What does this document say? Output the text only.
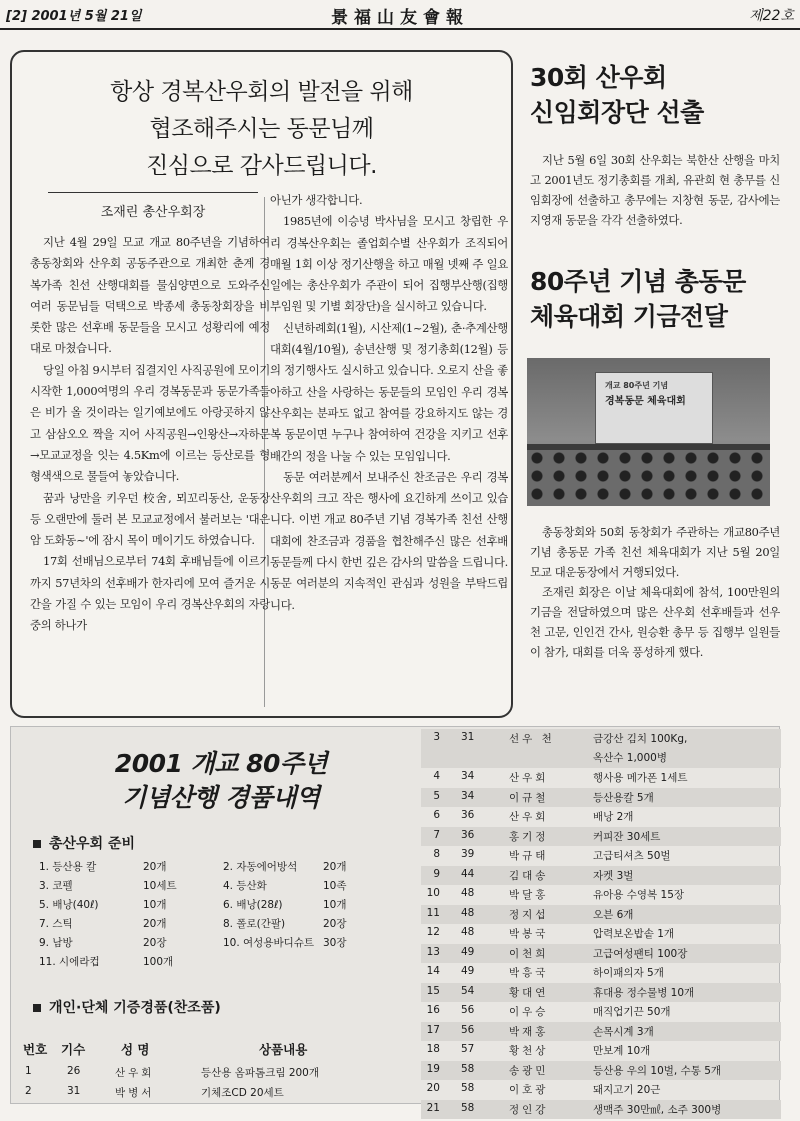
[2] 2001년 5월 21일	景福山友會報	제22호
항상 경복산우회의 발전을 위해
협조해주시는 동문님께
진심으로 감사드립니다.
조재린 총산우회장

지난 4월 29일 모교 개교 80주년을 기념하여 총동창회와 산우회 공동주관으로 개최한 춘계 경복가족 친선 산행대회를 물심양면으로 도와주신 여러 동문님들 덕택으로 박종세 총동창회장을 비롯한 많은 선후배 동문들을 모시고 성황리에 예정대로 마쳤습니다.

당일 아침 9시부터 집결지인 사직공원에 모이기 시작한 1,000여명의 우리 경복동문과 동문가족들은 비가 올 것이라는 일기예보에도 아랑곳하지 않고 삼삼오오 짝을 지어 사직공원→인왕산→자하문→모교교정을 잇는 4.5Km에 이르는 등산로를 형형색색으로 물들여 놓았습니다.

꿈과 낭만을 키우던 校舍, 뫼꼬리동산, 운동장 등 오랜만에 둘러 본 모교교정에서 불러보는 '대은암 도화동~'에 잠시 목이 메이기도 하였습니다.

17회 선배님으로부터 74회 후배님들에 이르기까지 57년차의 선후배가 한자리에 모여 즐거운 시간을 가질 수 있는 모임이 우리 경복산우회의 자랑중의 하나가

아닌가 생각합니다.

1985년에 이승녕 박사님을 모시고 창립한 우리 경복산우회는 졸업회수별 산우회가 조직되어 매월 1회 이상 정기산행을 하고 매월 넷째 주 일요일에는 총산우회가 주관이 되어 집행부산행(집행부임원 및 기별 회장단)을 실시하고 있습니다.

신년하례회(1월), 시산제(1~2월), 춘·추계산행대회(4월/10월), 송년산행 및 정기총회(12월) 등의 정기행사도 실시하고 있습니다. 오로지 산을 좋아하고 산을 사랑하는 동문들의 모임인 우리 경복산우회는 분파도 없고 참여를 강요하지도 않는 경복 동문이면 누구나 참여하여 건강을 지키고 선후배간의 정을 나눌 수 있는 모임입니다.

동문 여러분께서 보내주신 찬조금은 우리 경복산우회의 크고 작은 행사에 요긴하게 쓰이고 있습니다. 이번 개교 80주년 기념 경복가족 친선 산행대회에 찬조금과 경품을 협찬해주신 많은 선후배 동문들께 다시 한번 깊은 감사의 말씀을 드립니다. 동문 여러분의 지속적인 관심과 성원을 부탁드립니다.

30회 산우회
신임회장단 선출

지난 5월 6일 30회 산우회는 북한산 산행을 마치고 2001년도 정기총회를 개최, 유관희 현 총무를 신임회장에 선출하고 총무에는 지창현 동문, 감사에는 지영재 동문을 각각 선출하였다.

80주년 기념 총동문
체육대회 기금전달
개교 80주년 기념
경복동문 체육대회

총동창회와 50회 동창회가 주관하는 개교80주년 기념 총동문 가족 친선 체육대회가 지난 5월 20일 모교 대운동장에서 거행되었다.

조재린 회장은 이날 체육대회에 참석, 100만원의 기금을 전달하였으며 많은 산우회 선후배들과 선우 천 고문, 인인건 간사, 원승환 총무 등 집행부 일원들이 참가, 대회를 더욱 풍성하게 했다.

2001 개교 80주년
기념산행 경품내역
총산우회 준비
1. 등산용 칼	20개	2. 자동에어방석 20개
3. 코펠	10세트	4. 등산화	10족
5. 배낭(40ℓ)	10개	6. 배낭(28ℓ)	10개
7. 스틱	20개	8. 폴로(간팔)	20장
9. 남방	20장	10. 여성용바디슈트 30장
11. 시에라컵	100개
개인·단체 기증경품(찬조품)
번호 기수	성 명	상품내용
1	26	산우회	등산용 옴파톰크림 200개
2	31	박병서	기체조CD 20세트
3 31	선우 천	금강산 김치 100Kg,
옥산수 1,000병
4 34	산우회	행사용 메가폰 1세트
5 34	이규철	등산용칼 5개
6 36	산우회	배낭 2개
7 36	홍기정	커피잔 30세트
8 39	박규태	고급티셔츠 50벌
9 44	김대송	자켓 3벌
10 48	박달홍	유아용 수영복 15장
11 48	정지섭	오븐 6개
12 48	박봉국	압력보온밥솥 1개
13 49	이천희	고급여성팬티 100장
14 49	박흥국	하이패의자 5개
15 54	황대연	휴대용 정수물병 10개
16 56	이우승	매직업기끈 50개
17 56	박재홍	손목시계 3개
18 57	황천상	만보계 10개
19 58	송광민	등산용 우의 10벌, 수통 5개
20 58	이호광	돼지고기 20근
21 58	정인강	생맥주 30만㎖, 소주 300병
